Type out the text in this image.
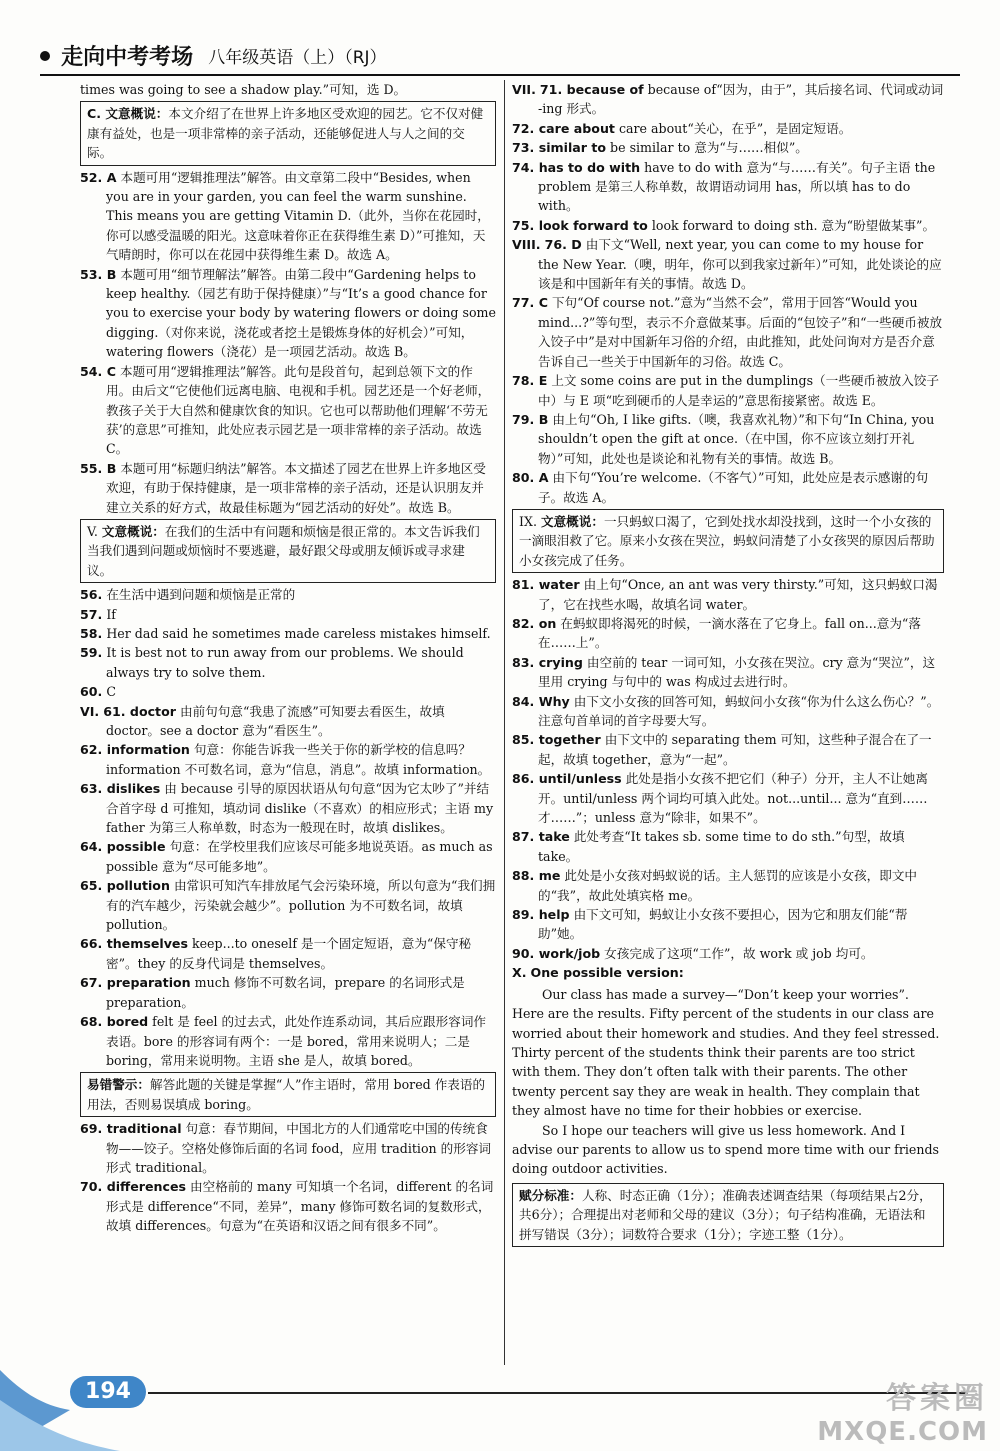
走向中考考场 八年级英语（上）（RJ）
times was going to see a shadow play.”可知，选 D。
C. 文意概说：本文介绍了在世界上许多地区受欢迎的园艺。它不仅对健康有益处，也是一项非常棒的亲子活动，还能够促进人与人之间的交际。
52. A 本题可用“逻辑推理法”解答。由文章第二段中“Besides, when you are in your garden, you can feel the warm sunshine. This means you are getting Vitamin D.（此外，当你在花园时，你可以感受温暖的阳光。这意味着你正在获得维生素 D）”可推知，天气晴朗时，你可以在花园中获得维生素 D。故选 A。
53. B 本题可用“细节理解法”解答。由第二段中“Gardening helps to keep healthy.（园艺有助于保持健康）”与“It’s a good chance for you to exercise your body by watering flowers or doing some digging.（对你来说，浇花或者挖土是锻炼身体的好机会）”可知，watering flowers（浇花）是一项园艺活动。故选 B。
54. C 本题可用“逻辑推理法”解答。此句是段首句，起到总领下文的作用。由后文“它使他们远离电脑、电视和手机。园艺还是一个好老师，教孩子关于大自然和健康饮食的知识。它也可以帮助他们理解‘不劳无获’的意思”可推知，此处应表示园艺是一项非常棒的亲子活动。故选 C。
55. B 本题可用“标题归纳法”解答。本文描述了园艺在世界上许多地区受欢迎，有助于保持健康，是一项非常棒的亲子活动，还是认识朋友并建立关系的好方式，故最佳标题为“园艺活动的好处”。故选 B。
V. 文意概说：在我们的生活中有问题和烦恼是很正常的。本文告诉我们当我们遇到问题或烦恼时不要逃避，最好跟父母或朋友倾诉或寻求建议。
56. 在生活中遇到问题和烦恼是正常的
57. If
58. Her dad said he sometimes made careless mistakes himself.
59. It is best not to run away from our problems. We should always try to solve them.
60. C
VI. 61. doctor 由前句句意“我患了流感”可知要去看医生，故填 doctor。see a doctor 意为“看医生”。
62. information 句意：你能告诉我一些关于你的新学校的信息吗？information 不可数名词，意为“信息，消息”。故填 information。
63. dislikes 由 because 引导的原因状语从句句意“因为它太吵了”并结合首字母 d 可推知，填动词 dislike（不喜欢）的相应形式；主语 my father 为第三人称单数，时态为一般现在时，故填 dislikes。
64. possible 句意：在学校里我们应该尽可能多地说英语。as much as possible 意为“尽可能多地”。
65. pollution 由常识可知汽车排放尾气会污染环境，所以句意为“我们拥有的汽车越少，污染就会越少”。pollution 为不可数名词，故填 pollution。
66. themselves keep...to oneself 是一个固定短语，意为“保守秘密”。they 的反身代词是 themselves。
67. preparation much 修饰不可数名词，prepare 的名词形式是 preparation。
68. bored felt 是 feel 的过去式，此处作连系动词，其后应跟形容词作表语。bore 的形容词有两个：一是 bored，常用来说明人；二是 boring，常用来说明物。主语 she 是人，故填 bored。
易错警示：解答此题的关键是掌握“人”作主语时，常用 bored 作表语的用法，否则易误填成 boring。
69. traditional 句意：春节期间，中国北方的人们通常吃中国的传统食物——饺子。空格处修饰后面的名词 food，应用 tradition 的形容词形式 traditional。
70. differences 由空格前的 many 可知填一个名词，different 的名词形式是 difference“不同，差异”，many 修饰可数名词的复数形式，故填 differences。句意为“在英语和汉语之间有很多不同”。
VII. 71. because of because of“因为，由于”，其后接名词、代词或动词 -ing 形式。
72. care about care about“关心，在乎”，是固定短语。
73. similar to be similar to 意为“与……相似”。
74. has to do with have to do with 意为“与……有关”。句子主语 the problem 是第三人称单数，故谓语动词用 has，所以填 has to do with。
75. look forward to look forward to doing sth. 意为“盼望做某事”。
VIII. 76. D 由下文“Well, next year, you can come to my house for the New Year.（噢，明年，你可以到我家过新年）”可知，此处谈论的应该是和中国新年有关的事情。故选 D。
77. C 下句“Of course not.”意为“当然不会”，常用于回答“Would you mind...?”等句型，表示不介意做某事。后面的“包饺子”和“一些硬币被放入饺子中”是对中国新年习俗的介绍，由此推知，此处问询对方是否介意告诉自己一些关于中国新年的习俗。故选 C。
78. E 上文 some coins are put in the dumplings（一些硬币被放入饺子中）与 E 项“吃到硬币的人是幸运的”意思衔接紧密。故选 E。
79. B 由上句“Oh, I like gifts.（噢，我喜欢礼物）”和下句“In China, you shouldn’t open the gift at once.（在中国，你不应该立刻打开礼物）”可知，此处也是谈论和礼物有关的事情。故选 B。
80. A 由下句“You’re welcome.（不客气）”可知，此处应是表示感谢的句子。故选 A。
IX. 文意概说：一只蚂蚁口渴了，它到处找水却没找到，这时一个小女孩的一滴眼泪救了它。原来小女孩在哭泣，蚂蚁问清楚了小女孩哭的原因后帮助小女孩完成了任务。
81. water 由上句“Once, an ant was very thirsty.”可知，这只蚂蚁口渴了，它在找些水喝，故填名词 water。
82. on 在蚂蚁即将渴死的时候，一滴水落在了它身上。fall on...意为“落在……上”。
83. crying 由空前的 tear 一词可知，小女孩在哭泣。cry 意为“哭泣”，这里用 crying 与句中的 was 构成过去进行时。
84. Why 由下文小女孩的回答可知，蚂蚁问小女孩“你为什么这么伤心？”。注意句首单词的首字母要大写。
85. together 由下文中的 separating them 可知，这些种子混合在了一起，故填 together，意为“一起”。
86. until/unless 此处是指小女孩不把它们（种子）分开，主人不让她离开。until/unless 两个词均可填入此处。not...until... 意为“直到……才……”；unless 意为“除非，如果不”。
87. take 此处考查“It takes sb. some time to do sth.”句型，故填 take。
88. me 此处是小女孩对蚂蚁说的话。主人惩罚的应该是小女孩，即文中的“我”，故此处填宾格 me。
89. help 由下文可知，蚂蚁让小女孩不要担心，因为它和朋友们能“帮助”她。
90. work/job 女孩完成了这项“工作”，故 work 或 job 均可。
X. One possible version:

Our class has made a survey—“Don’t keep your worries”. Here are the results. Fifty percent of the students in our class are worried about their homework and studies. And they feel stressed. Thirty percent of the students think their parents are too strict with them. They don’t often talk with their parents. The other twenty percent say they are weak in health. They complain that they almost have no time for their hobbies or exercise.

So I hope our teachers will give us less homework. And I advise our parents to allow us to spend more time with our friends doing outdoor activities.

赋分标准：人称、时态正确（1分）；准确表述调查结果（每项结果占2分，共6分）；合理提出对老师和父母的建议（3分）；句子结构准确，无语法和拼写错误（3分）；词数符合要求（1分）；字迹工整（1分）。
194	答案圈
MXQE.COM
